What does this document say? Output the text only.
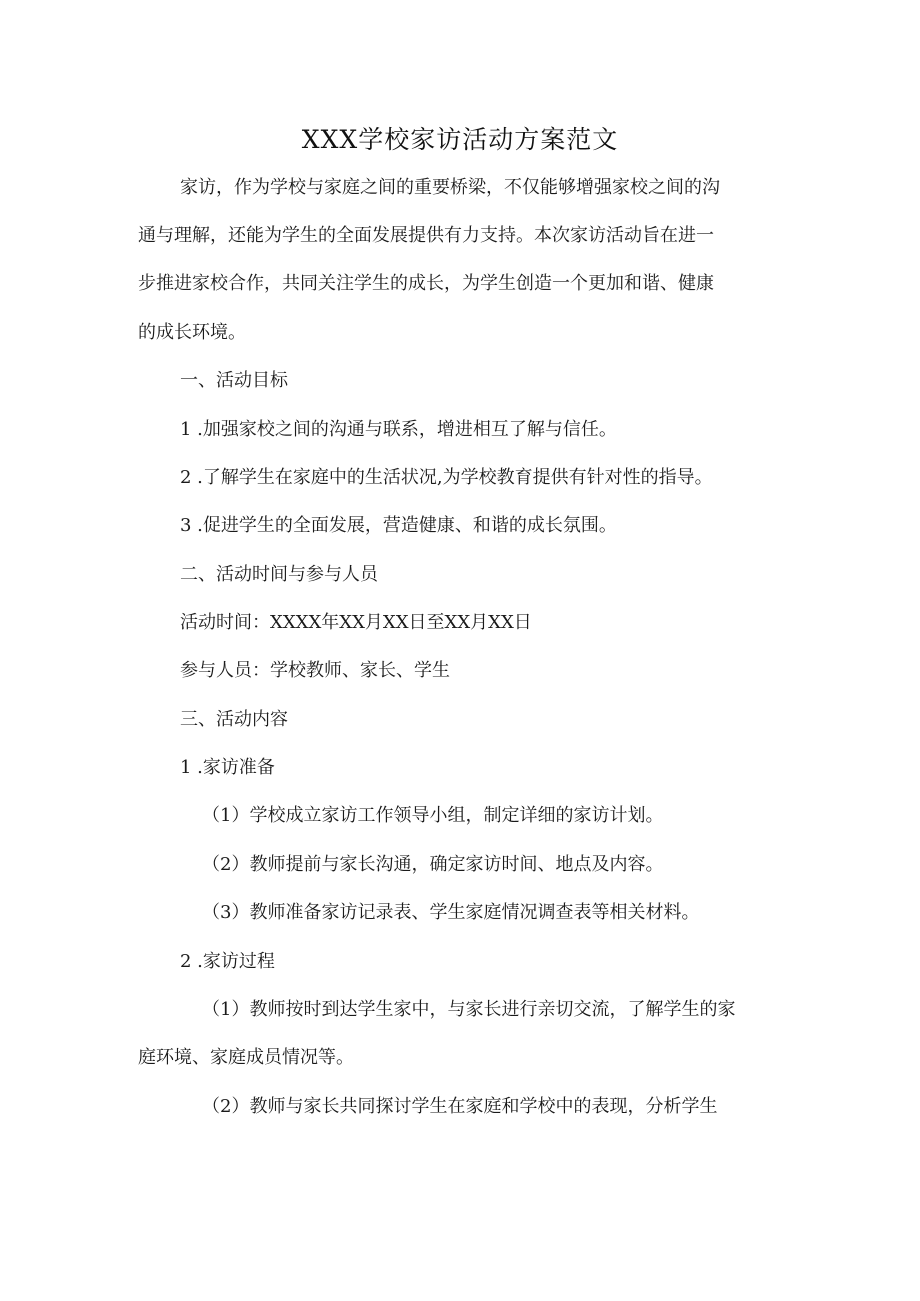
XXX学校家访活动方案范文
家访，作为学校与家庭之间的重要桥梁，不仅能够增强家校之间的沟
通与理解，还能为学生的全面发展提供有力支持。本次家访活动旨在进一
步推进家校合作，共同关注学生的成长，为学生创造一个更加和谐、健康
的成长环境。
一、活动目标
1 .加强家校之间的沟通与联系，增进相互了解与信任。
2 .了解学生在家庭中的生活状况,为学校教育提供有针对性的指导。
3 .促进学生的全面发展，营造健康、和谐的成长氛围。
二、活动时间与参与人员
活动时间：XXXX年XX月XX日至XX月XX日
参与人员：学校教师、家长、学生
三、活动内容
1 .家访准备
（1）学校成立家访工作领导小组，制定详细的家访计划。
（2）教师提前与家长沟通，确定家访时间、地点及内容。
（3）教师准备家访记录表、学生家庭情况调查表等相关材料。
2 .家访过程
（1）教师按时到达学生家中，与家长进行亲切交流，了解学生的家
庭环境、家庭成员情况等。
（2）教师与家长共同探讨学生在家庭和学校中的表现，分析学生
